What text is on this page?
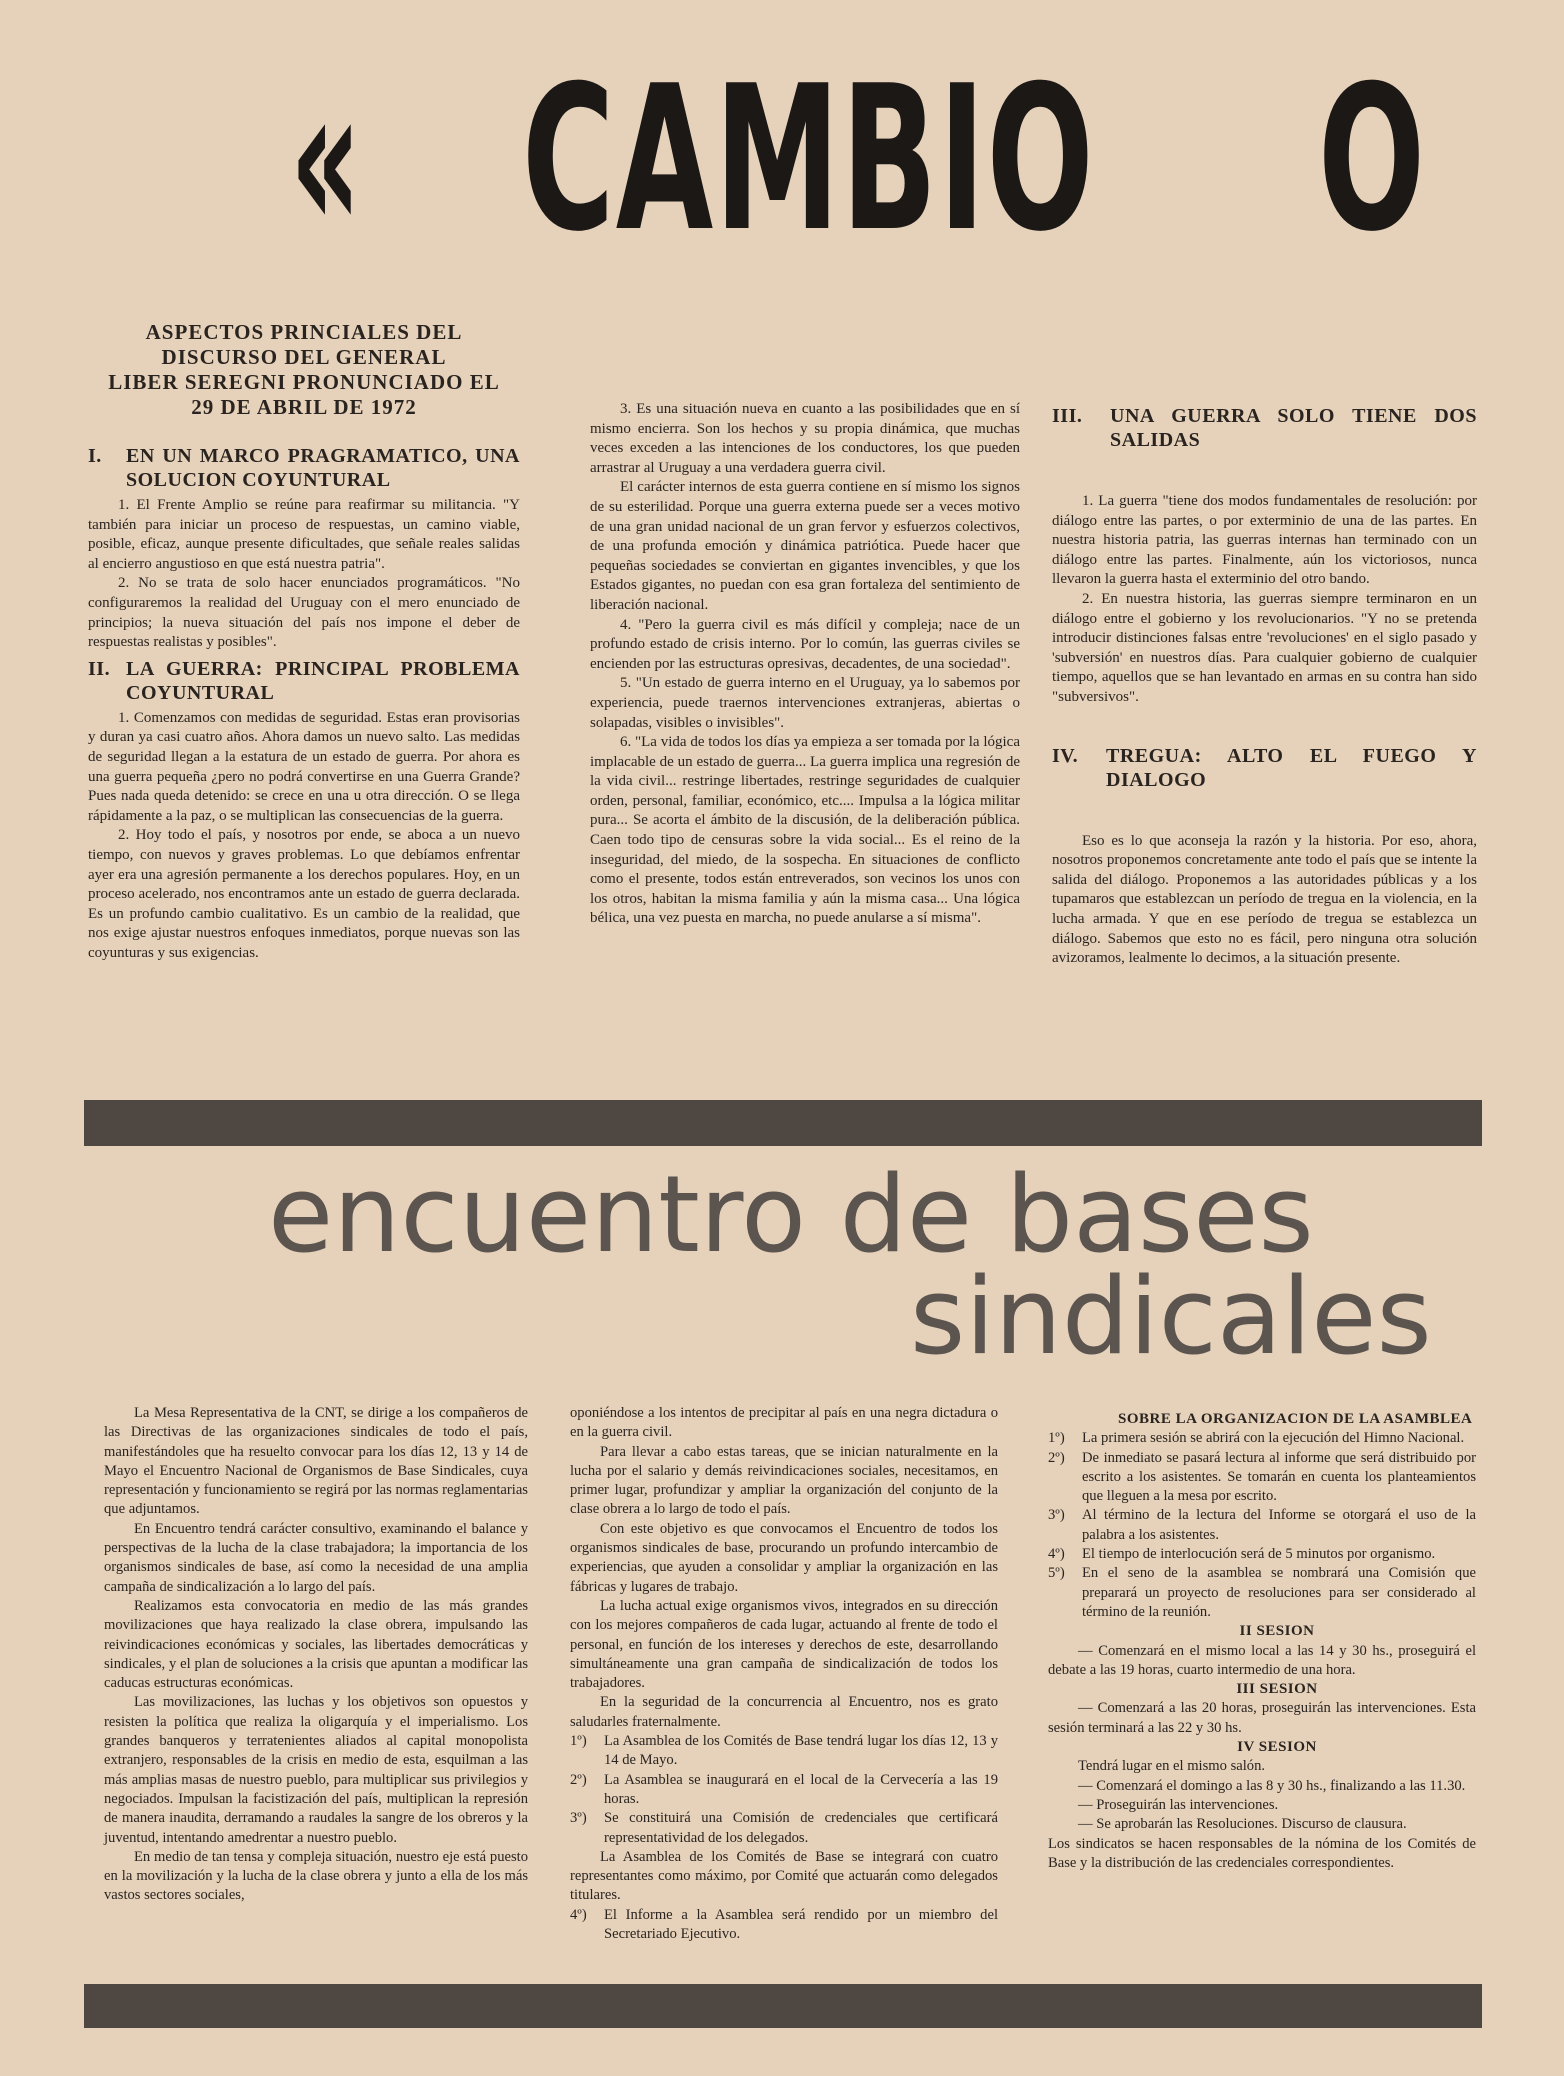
« CAMBIO O

ASPECTOS PRINCIALES DEL

DISCURSO DEL GENERAL

LIBER SEREGNI PRONUNCIADO EL

29 DE ABRIL DE 1972

I.	EN UN MARCO PRAGRAMATICO, UNA SOLUCION COYUNTURAL

1. El Frente Amplio se reúne para reafirmar su militancia. "Y también para iniciar un proceso de respuestas, un camino viable, posible, eficaz, aunque presente dificultades, que señale reales salidas al encierro angustioso en que está nuestra patria".

2. No se trata de solo hacer enunciados programáticos. "No configuraremos la realidad del Uruguay con el mero enunciado de principios; la nueva situación del país nos impone el deber de respuestas realistas y posibles".

II. LA GUERRA: PRINCIPAL PROBLEMA COYUNTURAL

1. Comenzamos con medidas de seguridad. Estas eran provisorias y duran ya casi cuatro años. Ahora damos un nuevo salto. Las medidas de seguridad llegan a la estatura de un estado de guerra. Por ahora es una guerra pequeña ¿pero no podrá convertirse en una Guerra Grande? Pues nada queda detenido: se crece en una u otra dirección. O se llega rápidamente a la paz, o se multiplican las consecuencias de la guerra.

2. Hoy todo el país, y nosotros por ende, se aboca a un nuevo tiempo, con nuevos y graves problemas. Lo que debíamos enfrentar ayer era una agresión permanente a los derechos populares. Hoy, en un proceso acelerado, nos encontramos ante un estado de guerra declarada. Es un profundo cambio cualitativo. Es un cambio de la realidad, que nos exige ajustar nuestros enfoques inmediatos, porque nuevas son las coyunturas y sus exigencias.

3. Es una situación nueva en cuanto a las posibilidades que en sí mismo encierra. Son los hechos y su propia dinámica, que muchas veces exceden a las intenciones de los conductores, los que pueden arrastrar al Uruguay a una verdadera guerra civil.

El carácter internos de esta guerra contiene en sí mismo los signos de su esterilidad. Porque una guerra externa puede ser a veces motivo de una gran unidad nacional de un gran fervor y esfuerzos colectivos, de una profunda emoción y dinámica patriótica. Puede hacer que pequeñas sociedades se conviertan en gigantes invencibles, y que los Estados gigantes, no puedan con esa gran fortaleza del sentimiento de liberación nacional.

4. "Pero la guerra civil es más difícil y compleja; nace de un profundo estado de crisis interno. Por lo común, las guerras civiles se encienden por las estructuras opresivas, decadentes, de una sociedad".

5. "Un estado de guerra interno en el Uruguay, ya lo sabemos por experiencia, puede traernos intervenciones extranjeras, abiertas o solapadas, visibles o invisibles".

6. "La vida de todos los días ya empieza a ser tomada por la lógica implacable de un estado de guerra... La guerra implica una regresión de la vida civil... restringe libertades, restringe seguridades de cualquier orden, personal, familiar, económico, etc.... Impulsa a la lógica militar pura... Se acorta el ámbito de la discusión, de la deliberación pública. Caen todo tipo de censuras sobre la vida social... Es el reino de la inseguridad, del miedo, de la sospecha. En situaciones de conflicto como el presente, todos están entreverados, son vecinos los unos con los otros, habitan la misma familia y aún la misma casa... Una lógica bélica, una vez puesta en marcha, no puede anularse a sí misma".

III.	UNA GUERRA SOLO TIENE DOS SALIDAS

1. La guerra "tiene dos modos fundamentales de resolución: por diálogo entre las partes, o por exterminio de una de las partes. En nuestra historia patria, las guerras internas han terminado con un diálogo entre las partes. Finalmente, aún los victoriosos, nunca llevaron la guerra hasta el exterminio del otro bando.

2. En nuestra historia, las guerras siempre terminaron en un diálogo entre el gobierno y los revolucionarios. "Y no se pretenda introducir distinciones falsas entre 'revoluciones' en el siglo pasado y 'subversión' en nuestros días. Para cualquier gobierno de cualquier tiempo, aquellos que se han levantado en armas en su contra han sido "subversivos".

IV.	TREGUA: ALTO EL FUEGO Y DIALOGO

Eso es lo que aconseja la razón y la historia. Por eso, ahora, nosotros proponemos concretamente ante todo el país que se intente la salida del diálogo. Proponemos a las autoridades públicas y a los tupamaros que establezcan un período de tregua en la violencia, en la lucha armada. Y que en ese período de tregua se establezca un diálogo. Sabemos que esto no es fácil, pero ninguna otra solución avizoramos, lealmente lo decimos, a la situación presente.

encuentro de bases
sindicales

La Mesa Representativa de la CNT, se dirige a los compañeros de las Directivas de las organizaciones sindicales de todo el país, manifestándoles que ha resuelto convocar para los días 12, 13 y 14 de Mayo el Encuentro Nacional de Organismos de Base Sindicales, cuya representación y funcionamiento se regirá por las normas reglamentarias que adjuntamos.

En Encuentro tendrá carácter consultivo, examinando el balance y perspectivas de la lucha de la clase trabajadora; la importancia de los organismos sindicales de base, así como la necesidad de una amplia campaña de sindicalización a lo largo del país.

Realizamos esta convocatoria en medio de las más grandes movilizaciones que haya realizado la clase obrera, impulsando las reivindicaciones económicas y sociales, las libertades democráticas y sindicales, y el plan de soluciones a la crisis que apuntan a modificar las caducas estructuras económicas.

Las movilizaciones, las luchas y los objetivos son opuestos y resisten la política que realiza la oligarquía y el imperialismo. Los grandes banqueros y terratenientes aliados al capital monopolista extranjero, responsables de la crisis en medio de esta, esquilman a las más amplias masas de nuestro pueblo, para multiplicar sus privilegios y negociados. Impulsan la facistización del país, multiplican la represión de manera inaudita, derramando a raudales la sangre de los obreros y la juventud, intentando amedrentar a nuestro pueblo.

En medio de tan tensa y compleja situación, nuestro eje está puesto en la movilización y la lucha de la clase obrera y junto a ella de los más vastos sectores sociales,

oponiéndose a los intentos de precipitar al país en una negra dictadura o en la guerra civil.

Para llevar a cabo estas tareas, que se inician naturalmente en la lucha por el salario y demás reivindicaciones sociales, necesitamos, en primer lugar, profundizar y ampliar la organización del conjunto de la clase obrera a lo largo de todo el país.

Con este objetivo es que convocamos el Encuentro de todos los organismos sindicales de base, procurando un profundo intercambio de experiencias, que ayuden a consolidar y ampliar la organización en las fábricas y lugares de trabajo.

La lucha actual exige organismos vivos, integrados en su dirección con los mejores compañeros de cada lugar, actuando al frente de todo el personal, en función de los intereses y derechos de este, desarrollando simultáneamente una gran campaña de sindicalización de todos los trabajadores.

En la seguridad de la concurrencia al Encuentro, nos es grato saludarles fraternalmente.

1º)	La Asamblea de los Comités de Base tendrá lugar los días 12, 13 y 14 de Mayo.
2º)	La Asamblea se inaugurará en el local de la Cervecería a las 19 horas.
3º)	Se constituirá una Comisión de credenciales que certificará representatividad de los delegados.

La Asamblea de los Comités de Base se integrará con cuatro representantes como máximo, por Comité que actuarán como delegados titulares.

4º)	El Informe a la Asamblea será rendido por un miembro del Secretariado Ejecutivo.

SOBRE LA ORGANIZACION DE LA ASAMBLEA

1º)	La primera sesión se abrirá con la ejecución del Himno Nacional.
2º)	De inmediato se pasará lectura al informe que será distribuido por escrito a los asistentes. Se tomarán en cuenta los planteamientos que lleguen a la mesa por escrito.
3º)	Al término de la lectura del Informe se otorgará el uso de la palabra a los asistentes.
4º)	El tiempo de interlocución será de 5 minutos por organismo.
5º)	En el seno de la asamblea se nombrará una Comisión que preparará un proyecto de resoluciones para ser considerado al término de la reunión.

II SESION

— Comenzará en el mismo local a las 14 y 30 hs., proseguirá el debate a las 19 horas, cuarto intermedio de una hora.

III SESION

— Comenzará a las 20 horas, proseguirán las intervenciones. Esta sesión terminará a las 22 y 30 hs.

IV SESION

Tendrá lugar en el mismo salón.

— Comenzará el domingo a las 8 y 30 hs., finalizando a las 11.30.

— Proseguirán las intervenciones.

— Se aprobarán las Resoluciones. Discurso de clausura.

Los sindicatos se hacen responsables de la nómina de los Comités de Base y la distribución de las credenciales correspondientes.
